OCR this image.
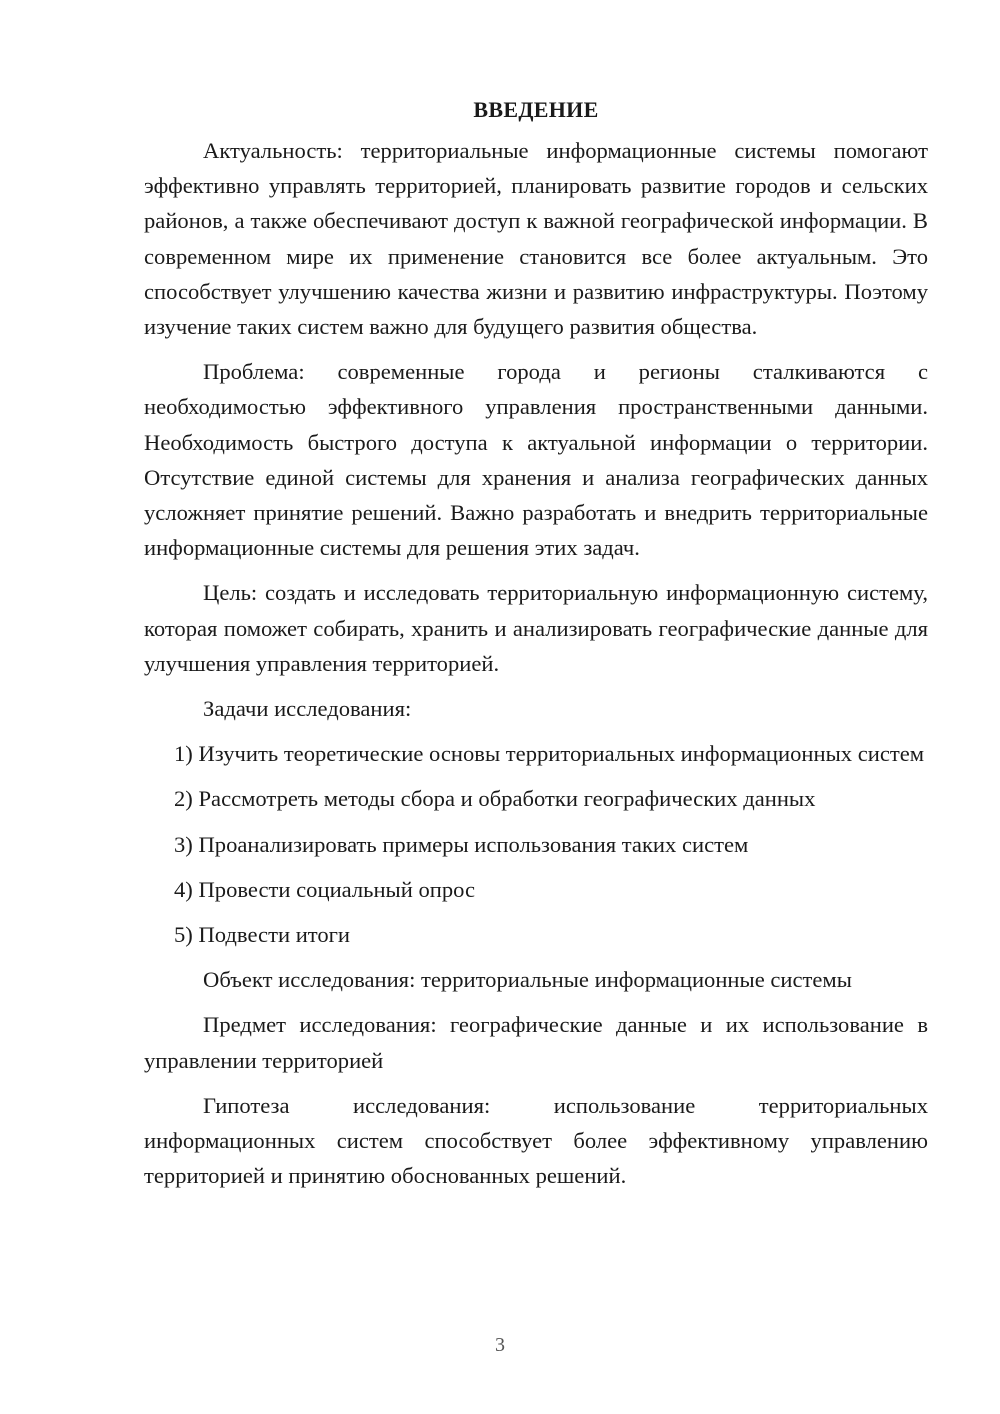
ВВЕДЕНИЕ

Актуальность: территориальные информационные системы помогают эффективно управлять территорией, планировать развитие городов и сельских районов, а также обеспечивают доступ к важной географической информации. В современном мире их применение становится все более актуальным. Это способствует улучшению качества жизни и развитию инфраструктуры. Поэтому изучение таких систем важно для будущего развития общества.

Проблема: современные города и регионы сталкиваются с необходимостью эффективного управления пространственными данными. Необходимость быстрого доступа к актуальной информации о территории. Отсутствие единой системы для хранения и анализа географических данных усложняет принятие решений. Важно разработать и внедрить территориальные информационные системы для решения этих задач.

Цель: создать и исследовать территориальную информационную систему, которая поможет собирать, хранить и анализировать географические данные для улучшения управления территорией.

Задачи исследования:

1) Изучить теоретические основы территориальных информационных систем

2) Рассмотреть методы сбора и обработки географических данных

3) Проанализировать примеры использования таких систем

4) Провести социальный опрос

5) Подвести итоги

Объект исследования: территориальные информационные системы

Предмет исследования: географические данные и их использование в управлении территорией

Гипотеза исследования: использование территориальных информационных систем способствует более эффективному управлению территорией и принятию обоснованных решений.

3
